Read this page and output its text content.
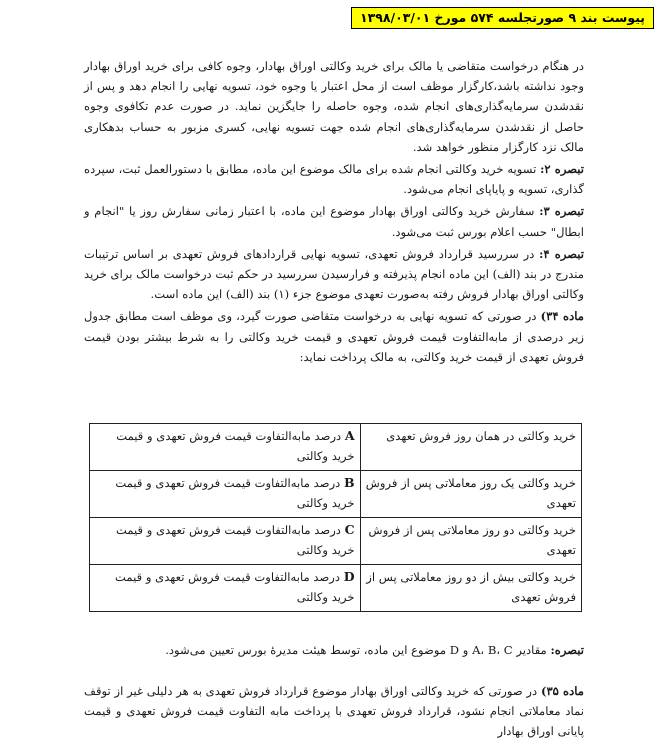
پیوست بند ۹ صورتجلسه ۵۷۴ مورخ ۱۳۹۸/۰۳/۰۱

در هنگام درخواست متقاضی یا مالک برای خرید وکالتی اوراق بهادار، وجوه کافی برای خرید اوراق بهادار وجود نداشته باشد،کارگزار موظف است از محل اعتبار یا وجوه خود، تسویه نهایی را انجام دهد و پس از نقدشدن سرمایه‌گذاری‌های انجام شده، وجوه حاصله را جایگزین نماید. در صورت عدم تکافوی وجوه حاصل از نقدشدن سرمایه‌گذاری‌های انجام شده جهت تسویه نهایی، کسری مزبور به حساب بدهکاری مالک نزد کارگزار منظور خواهد شد.

تبصره ۲: تسویه خرید وکالتی انجام شده برای مالک موضوع این ماده، مطابق با دستورالعمل ثبت، سپرده گذاری، تسویه و پایاپای انجام می‌شود.

تبصره ۳: سفارش خرید وکالتی اوراق بهادار موضوع این ماده، با اعتبار زمانی سفارش روز یا "انجام و ابطال" حسب اعلام بورس ثبت می‌شود.

تبصره ۴: در سررسید قرارداد فروش تعهدی، تسویه نهایی قراردادهای فروش تعهدی بر اساس ترتیبات مندرج در بند (الف) این ماده انجام پذیرفته و فرارسیدن سررسید در حکم ثبت درخواست مالک برای خرید وکالتی اوراق بهادار فروش رفته به‌صورت تعهدی موضوع جزء (۱) بند (الف) این ماده است.

ماده ۳۴) در صورتی که تسویه نهایی به درخواست متقاضی صورت گیرد، وی موظف است مطابق جدول زیر درصدی از مابه‌التفاوت قیمت فروش تعهدی و قیمت خرید وکالتی را به شرط بیشتر بودن قیمت فروش تعهدی از قیمت خرید وکالتی، به مالک پرداخت نماید:

خرید وکالتی در همان روز فروش تعهدی	A درصد مابه‌التفاوت قیمت فروش تعهدی و قیمت خرید وکالتی
خرید وکالتی یک روز معاملاتی پس از فروش تعهدی	B درصد مابه‌التفاوت قیمت فروش تعهدی و قیمت خرید وکالتی
خرید وکالتی دو روز معاملاتی پس از فروش تعهدی	C درصد مابه‌التفاوت قیمت فروش تعهدی و قیمت خرید وکالتی
خرید وکالتی بیش از دو روز معاملاتی پس از فروش تعهدی	D درصد مابه‌التفاوت قیمت فروش تعهدی و قیمت خرید وکالتی

تبصره: مقادیر A، B، C و D موضوع این ماده، توسط هیئت مدیرهٔ بورس تعیین می‌شود.

ماده ۳۵) در صورتی که خرید وکالتی اوراق بهادار موضوع قرارداد فروش تعهدی به هر دلیلی غیر از توقف نماد معاملاتی انجام نشود، قرارداد فروش تعهدی با پرداخت مابه التفاوت قیمت فروش تعهدی و قیمت پایانی اوراق بهادار
